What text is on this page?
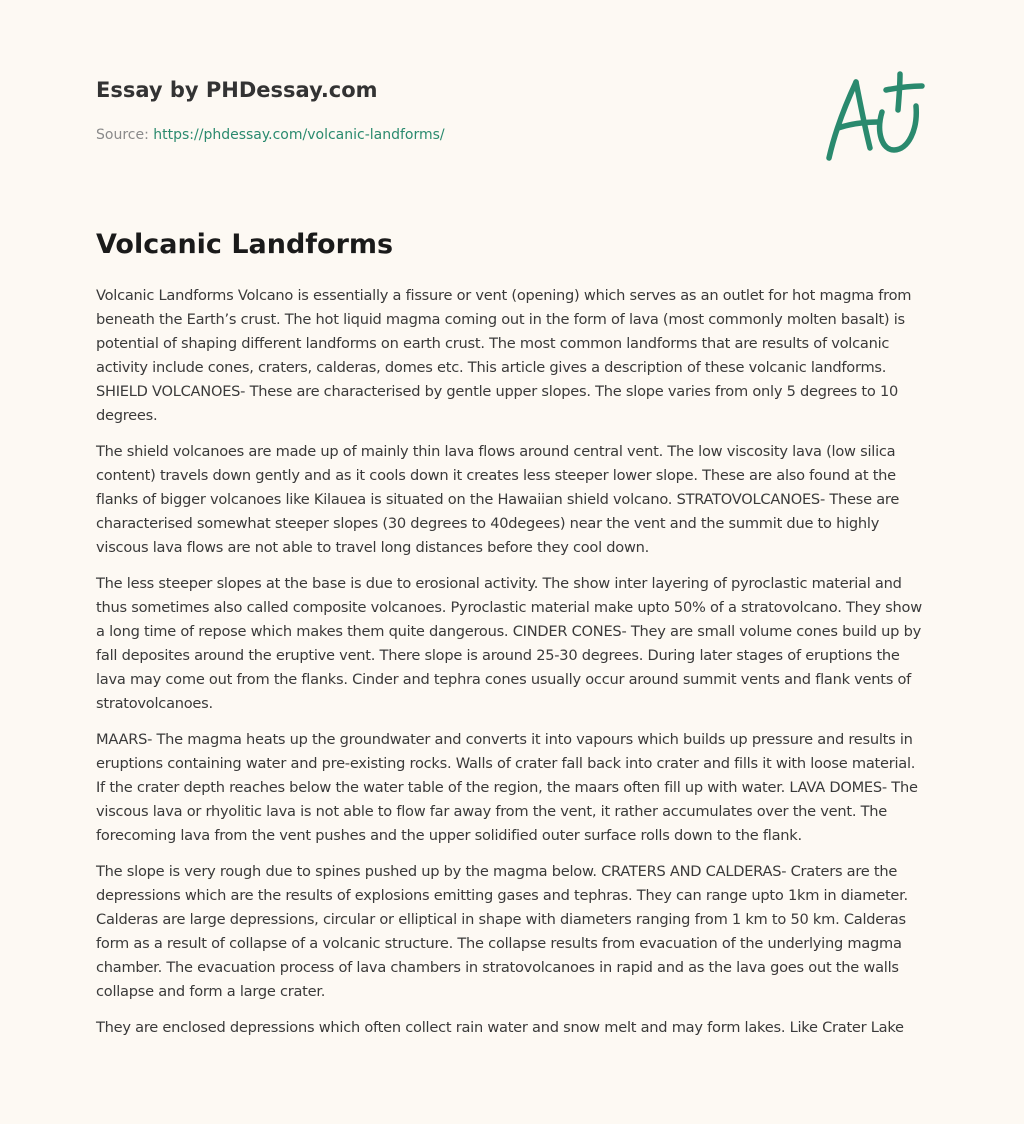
Essay by PHDessay.com
Source: https://phdessay.com/volcanic-landforms/
Volcanic Landforms

Volcanic Landforms Volcano is essentially a fissure or vent (opening) which serves as an outlet for hot magma from beneath the Earth’s crust. The hot liquid magma coming out in the form of lava (most commonly molten basalt) is potential of shaping different landforms on earth crust. The most common landforms that are results of volcanic activity include cones, craters, calderas, domes etc. This article gives a description of these volcanic landforms. SHIELD VOLCANOES- These are characterised by gentle upper slopes. The slope varies from only 5 degrees to 10 degrees.

The shield volcanoes are made up of mainly thin lava flows around central vent. The low viscosity lava (low silica content) travels down gently and as it cools down it creates less steeper lower slope. These are also found at the flanks of bigger volcanoes like Kilauea is situated on the Hawaiian shield volcano. STRATOVOLCANOES- These are characterised somewhat steeper slopes (30 degrees to 40degees) near the vent and the summit due to highly viscous lava flows are not able to travel long distances before they cool down.

The less steeper slopes at the base is due to erosional activity. The show inter layering of pyroclastic material and thus sometimes also called composite volcanoes. Pyroclastic material make upto 50% of a stratovolcano. They show a long time of repose which makes them quite dangerous. CINDER CONES- They are small volume cones build up by fall deposites around the eruptive vent. There slope is around 25-30 degrees. During later stages of eruptions the lava may come out from the flanks. Cinder and tephra cones usually occur around summit vents and flank vents of stratovolcanoes.

MAARS- The magma heats up the groundwater and converts it into vapours which builds up pressure and results in eruptions containing water and pre-existing rocks. Walls of crater fall back into crater and fills it with loose material. If the crater depth reaches below the water table of the region, the maars often fill up with water. LAVA DOMES- The viscous lava or rhyolitic lava is not able to flow far away from the vent, it rather accumulates over the vent. The forecoming lava from the vent pushes and the upper solidified outer surface rolls down to the flank.

The slope is very rough due to spines pushed up by the magma below. CRATERS AND CALDERAS- Craters are the depressions which are the results of explosions emitting gases and tephras. They can range upto 1km in diameter. Calderas are large depressions, circular or elliptical in shape with diameters ranging from 1 km to 50 km. Calderas form as a result of collapse of a volcanic structure. The collapse results from evacuation of the underlying magma chamber. The evacuation process of lava chambers in stratovolcanoes in rapid and as the lava goes out the walls collapse and form a large crater.

They are enclosed depressions which often collect rain water and snow melt and may form lakes. Like Crater Lake
